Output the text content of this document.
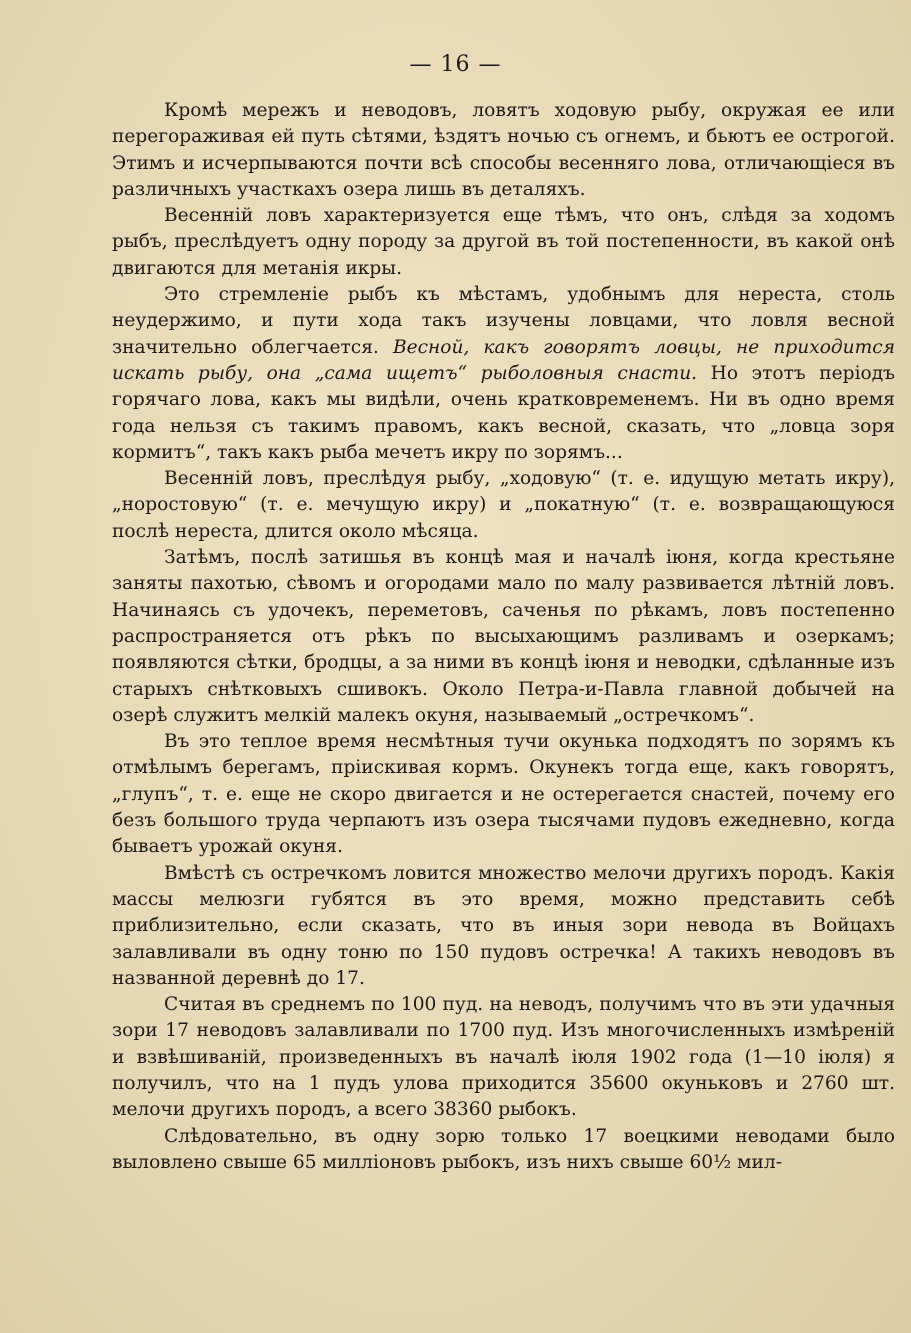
— 16 —

Кромѣ мережъ и неводовъ, ловятъ ходовую рыбу, окружая ее или перегораживая ей путь сѣтями, ѣздятъ ночью съ огнемъ, и бьютъ ее острогой. Этимъ и исчерпываются почти всѣ способы весенняго лова, отличающіеся въ различныхъ участкахъ озера лишь въ деталяхъ.

Весенній ловъ характеризуется еще тѣмъ, что онъ, слѣдя за ходомъ рыбъ, преслѣдуетъ одну породу за другой въ той постепенности, въ какой онѣ двигаются для метанія икры.

Это стремленіе рыбъ къ мѣстамъ, удобнымъ для нереста, столь неудержимо, и пути хода такъ изучены ловцами, что ловля весной значительно облегчается. Весной, какъ говорятъ ловцы, не приходится искать рыбу, она „сама ищетъ“ рыболовныя снасти. Но этотъ періодъ горячаго лова, какъ мы видѣли, очень кратковременемъ. Ни въ одно время года нельзя съ такимъ правомъ, какъ весной, сказать, что „ловца зоря кормитъ“, такъ какъ рыба мечетъ икру по зорямъ...

Весенній ловъ, преслѣдуя рыбу, „ходовую“ (т. е. идущую метать икру), „норостовую“ (т. е. мечущую икру) и „покатную“ (т. е. возвращающуюся послѣ нереста, длится около мѣсяца.

Затѣмъ, послѣ затишья въ концѣ мая и началѣ іюня, когда крестьяне заняты пахотью, сѣвомъ и огородами мало по малу развивается лѣтній ловъ. Начинаясь съ удочекъ, переметовъ, саченья по рѣкамъ, ловъ постепенно распространяется отъ рѣкъ по высыхающимъ разливамъ и озеркамъ; появляются сѣтки, бродцы, а за ними въ концѣ іюня и неводки, сдѣланные изъ старыхъ снѣтковыхъ сшивокъ. Около Петра-и-Павла главной добычей на озерѣ служитъ мелкій малекъ окуня, называемый „остречкомъ“.

Въ это теплое время несмѣтныя тучи окунька подходятъ по зорямъ къ отмѣлымъ берегамъ, пріискивая кормъ. Окунекъ тогда еще, какъ говорятъ, „глупъ“, т. е. еще не скоро двигается и не остерегается снастей, почему его безъ большого труда черпаютъ изъ озера тысячами пудовъ ежедневно, когда бываетъ урожай окуня.

Вмѣстѣ съ остречкомъ ловится множество мелочи другихъ породъ. Какія массы мелюзги губятся въ это время, можно представить себѣ приблизительно, если сказать, что въ иныя зори невода въ Войцахъ залавливали въ одну тоню по 150 пудовъ остречка! А такихъ неводовъ въ названной деревнѣ до 17.

Считая въ среднемъ по 100 пуд. на неводъ, получимъ что въ эти удачныя зори 17 неводовъ залавливали по 1700 пуд. Изъ многочисленныхъ измѣреній и взвѣшиваній, произведенныхъ въ началѣ іюля 1902 года (1—10 іюля) я получилъ, что на 1 пудъ улова приходится 35600 окуньковъ и 2760 шт. мелочи другихъ породъ, а всего 38360 рыбокъ.

Слѣдовательно, въ одну зорю только 17 воецкими неводами было выловлено свыше 65 милліоновъ рыбокъ, изъ нихъ свыше 60½ мил-
